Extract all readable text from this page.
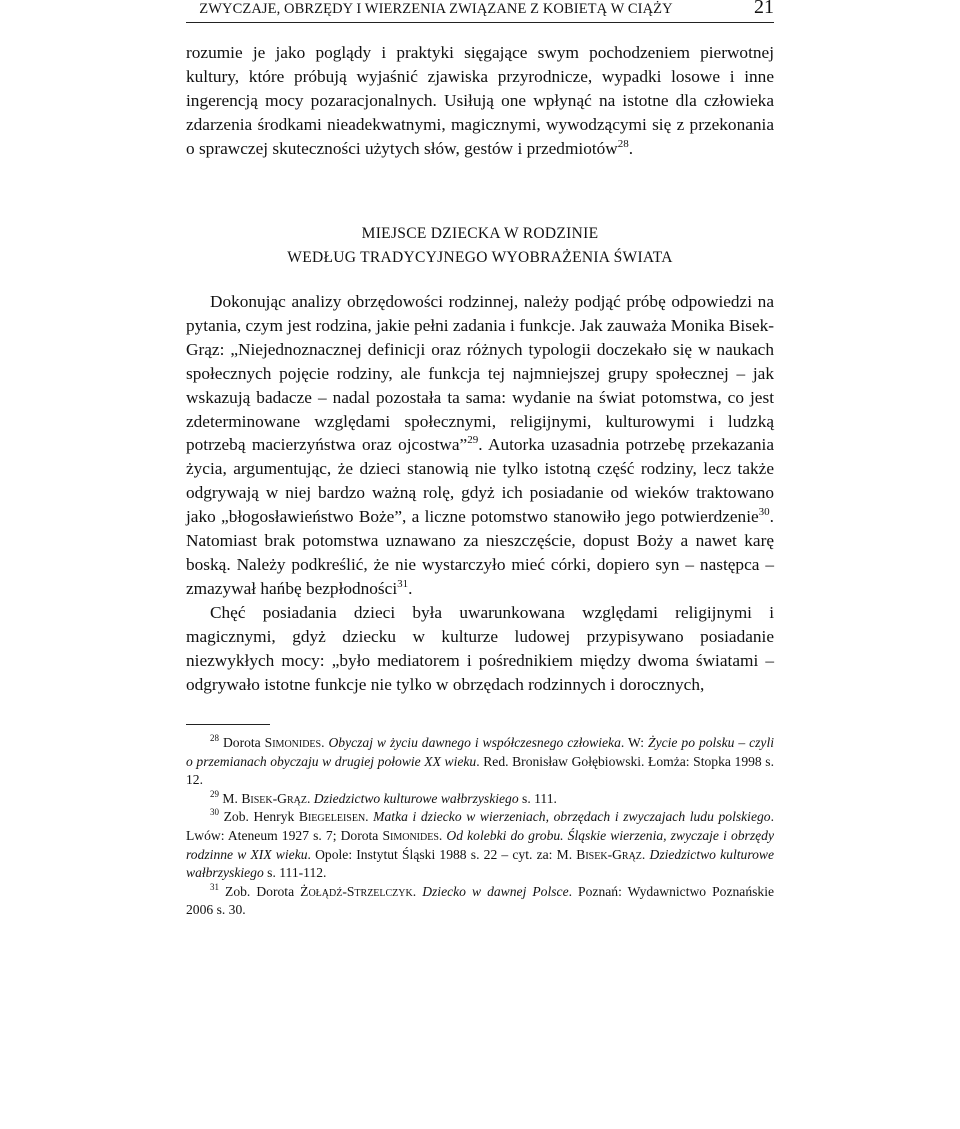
ZWYCZAJE, OBRZĘDY I WIERZENIA ZWIĄZANE Z KOBIETĄ W CIĄŻY	21

rozumie je jako poglądy i praktyki sięgające swym pochodzeniem pierwotnej kultury, które próbują wyjaśnić zjawiska przyrodnicze, wypadki losowe i inne ingerencją mocy pozaracjonalnych. Usiłują one wpłynąć na istotne dla człowieka zdarzenia środkami nieadekwatnymi, magicznymi, wywodzącymi się z przekonania o sprawczej skuteczności użytych słów, gestów i przedmiotów$^{28}$.

MIEJSCE DZIECKA W RODZINIE
WEDŁUG TRADYCYJNEGO WYOBRAŻENIA ŚWIATA

Dokonując analizy obrzędowości rodzinnej, należy podjąć próbę odpowiedzi na pytania, czym jest rodzina, jakie pełni zadania i funkcje. Jak zauważa Monika Bisek-Grąz: „Niejednoznacznej definicji oraz różnych typologii doczekało się w naukach społecznych pojęcie rodziny, ale funkcja tej najmniejszej grupy społecznej – jak wskazują badacze – nadal pozostała ta sama: wydanie na świat potomstwa, co jest zdeterminowane względami społecznymi, religijnymi, kulturowymi i ludzką potrzebą macierzyństwa oraz ojcostwa”$^{29}$. Autorka uzasadnia potrzebę przekazania życia, argumentując, że dzieci stanowią nie tylko istotną część rodziny, lecz także odgrywają w niej bardzo ważną rolę, gdyż ich posiadanie od wieków traktowano jako „błogosławieństwo Boże”, a liczne potomstwo stanowiło jego potwierdzenie$^{30}$. Natomiast brak potomstwa uznawano za nieszczęście, dopust Boży a nawet karę boską. Należy podkreślić, że nie wystarczyło mieć córki, dopiero syn – następca – zmazywał hańbę bezpłodności$^{31}$.

Chęć posiadania dzieci była uwarunkowana względami religijnymi i magicznymi, gdyż dziecku w kulturze ludowej przypisywano posiadanie niezwykłych mocy: „było mediatorem i pośrednikiem między dwoma światami – odgrywało istotne funkcje nie tylko w obrzędach rodzinnych i dorocznych,

$^{28}$ Dorota Simonides. Obyczaj w życiu dawnego i współczesnego człowieka. W: Życie po polsku – czyli o przemianach obyczaju w drugiej połowie XX wieku. Red. Bronisław Gołębiowski. Łomża: Stopka 1998 s. 12.

$^{29}$ M. Bisek-Grąz. Dziedzictwo kulturowe wałbrzyskiego s. 111.

$^{30}$ Zob. Henryk Biegeleisen. Matka i dziecko w wierzeniach, obrzędach i zwyczajach ludu polskiego. Lwów: Ateneum 1927 s. 7; Dorota Simonides. Od kolebki do grobu. Śląskie wierzenia, zwyczaje i obrzędy rodzinne w XIX wieku. Opole: Instytut Śląski 1988 s. 22 – cyt. za: M. Bisek-Grąz. Dziedzictwo kulturowe wałbrzyskiego s. 111-112.

$^{31}$ Zob. Dorota Żołądź-Strzelczyk. Dziecko w dawnej Polsce. Poznań: Wydawnictwo Poznańskie 2006 s. 30.
